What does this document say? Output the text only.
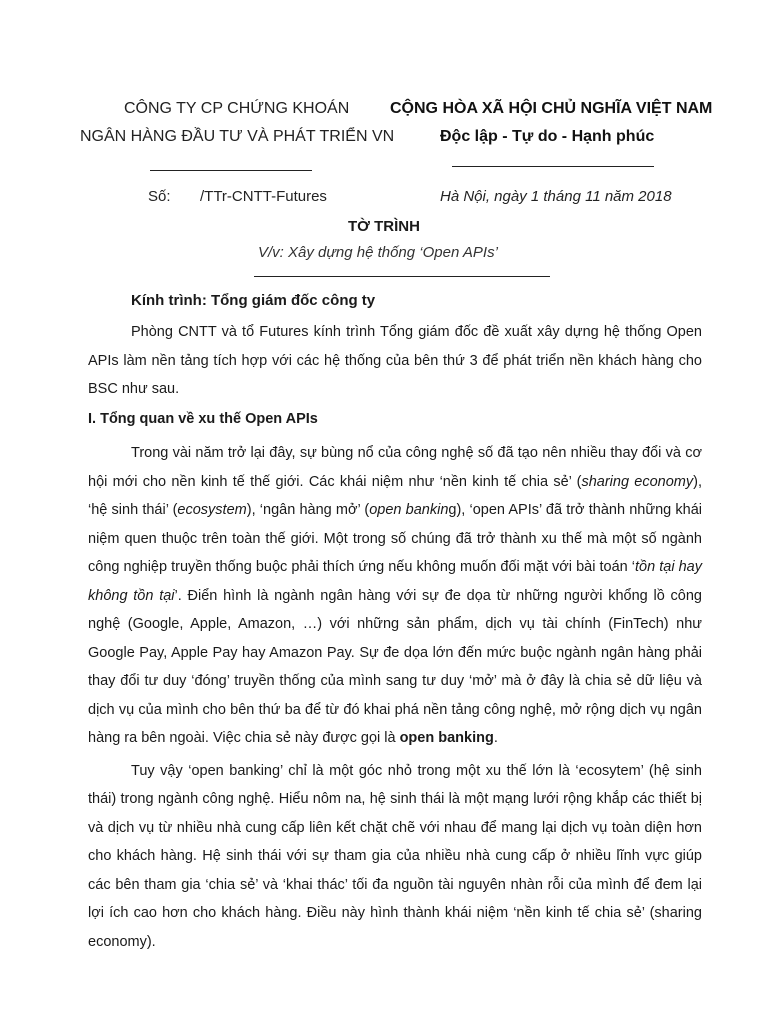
CÔNG TY CP CHỨNG KHOÁN
NGÂN HÀNG ĐẦU TƯ VÀ PHÁT TRIỂN VN
CỘNG HÒA XÃ HỘI CHỦ NGHĨA VIỆT NAM
Độc lập - Tự do - Hạnh phúc
Số: /TTr-CNTT-Futures	Hà Nội, ngày 1 tháng 11 năm 2018
TỜ TRÌNH
V/v: Xây dựng hệ thống ‘Open APIs’
Kính trình: Tổng giám đốc công ty

Phòng CNTT và tổ Futures kính trình Tổng giám đốc đề xuất xây dựng hệ thống Open APIs làm nền tảng tích hợp với các hệ thống của bên thứ 3 để phát triển nền khách hàng cho BSC như sau.

I. Tổng quan về xu thế Open APIs

Trong vài năm trở lại đây, sự bùng nổ của công nghệ số đã tạo nên nhiều thay đổi và cơ hội mới cho nền kinh tế thế giới. Các khái niệm như ‘nền kinh tế chia sẻ’ (sharing economy), ‘hệ sinh thái’ (ecosystem), ‘ngân hàng mở’ (open banking), ‘open APIs’ đã trở thành những khái niệm quen thuộc trên toàn thế giới. Một trong số chúng đã trở thành xu thế mà một số ngành công nghiệp truyền thống buộc phải thích ứng nếu không muốn đối mặt với bài toán ‘tồn tại hay không tồn tại’. Điển hình là ngành ngân hàng với sự đe dọa từ những người khổng lồ công nghệ (Google, Apple, Amazon, …) với những sản phẩm, dịch vụ tài chính (FinTech) như Google Pay, Apple Pay hay Amazon Pay. Sự đe dọa lớn đến mức buộc ngành ngân hàng phải thay đổi tư duy ‘đóng’ truyền thống của mình sang tư duy ‘mở’ mà ở đây là chia sẻ dữ liệu và dịch vụ của mình cho bên thứ ba để từ đó khai phá nền tảng công nghệ, mở rộng dịch vụ ngân hàng ra bên ngoài. Việc chia sẻ này được gọi là open banking.

Tuy vậy ‘open banking’ chỉ là một góc nhỏ trong một xu thế lớn là ‘ecosytem’ (hệ sinh thái) trong ngành công nghệ. Hiểu nôm na, hệ sinh thái là một mạng lưới rộng khắp các thiết bị và dịch vụ từ nhiều nhà cung cấp liên kết chặt chẽ với nhau để mang lại dịch vụ toàn diện hơn cho khách hàng. Hệ sinh thái với sự tham gia của nhiều nhà cung cấp ở nhiều lĩnh vực giúp các bên tham gia ‘chia sẻ’ và ‘khai thác’ tối đa nguồn tài nguyên nhàn rỗi của mình để đem lại lợi ích cao hơn cho khách hàng. Điều này hình thành khái niệm ‘nền kinh tế chia sẻ’ (sharing economy).
